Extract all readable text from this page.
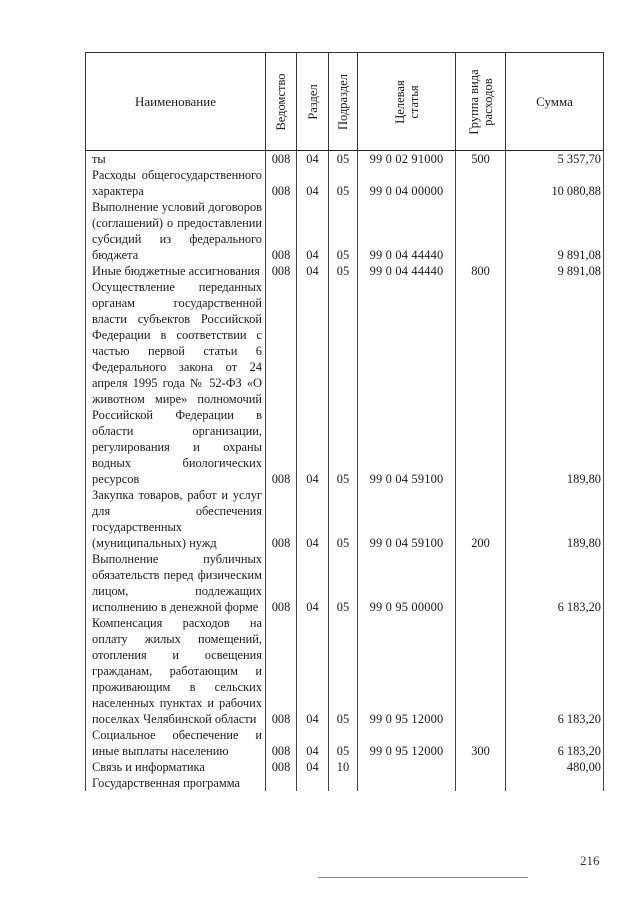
Наименование	Ведомство	Раздел	Подраздел	Целевая статья	Группа вида расходов	Сумма
ты	008	04	05	99 0 02 91000	500	5 357,70
Расходы общегосударственного характера	008	04	05	99 0 04 00000		10 080,88
Выполнение условий договоров (соглашений) о предоставлении субсидий из федерального бюджета	008	04	05	99 0 04 44440		9 891,08
Иные бюджетные ассигнования	008	04	05	99 0 04 44440	800	9 891,08
Осуществление переданных органам государственной власти субъектов Российской Федерации в соответствии с частью первой статьи 6 Федерального закона от 24 апреля 1995 года № 52-ФЗ «О животном мире» полномочий Российской Федерации в области организации, регулирования и охраны водных биологических ресурсов	008	04	05	99 0 04 59100		189,80
Закупка товаров, работ и услуг для обеспечения государственных (муниципальных) нужд	008	04	05	99 0 04 59100	200	189,80
Выполнение публичных обязательств перед физическим лицом, подлежащих исполнению в денежной форме	008	04	05	99 0 95 00000		6 183,20
Компенсация расходов на оплату жилых помещений, отопления и освещения гражданам, работающим и проживающим в сельских населенных пунктах и рабочих поселках Челябинской области	008	04	05	99 0 95 12000		6 183,20
Социальное обеспечение и иные выплаты населению	008	04	05	99 0 95 12000	300	6 183,20
Связь и информатика	008	04	10			480,00
Государственная программа						
216
